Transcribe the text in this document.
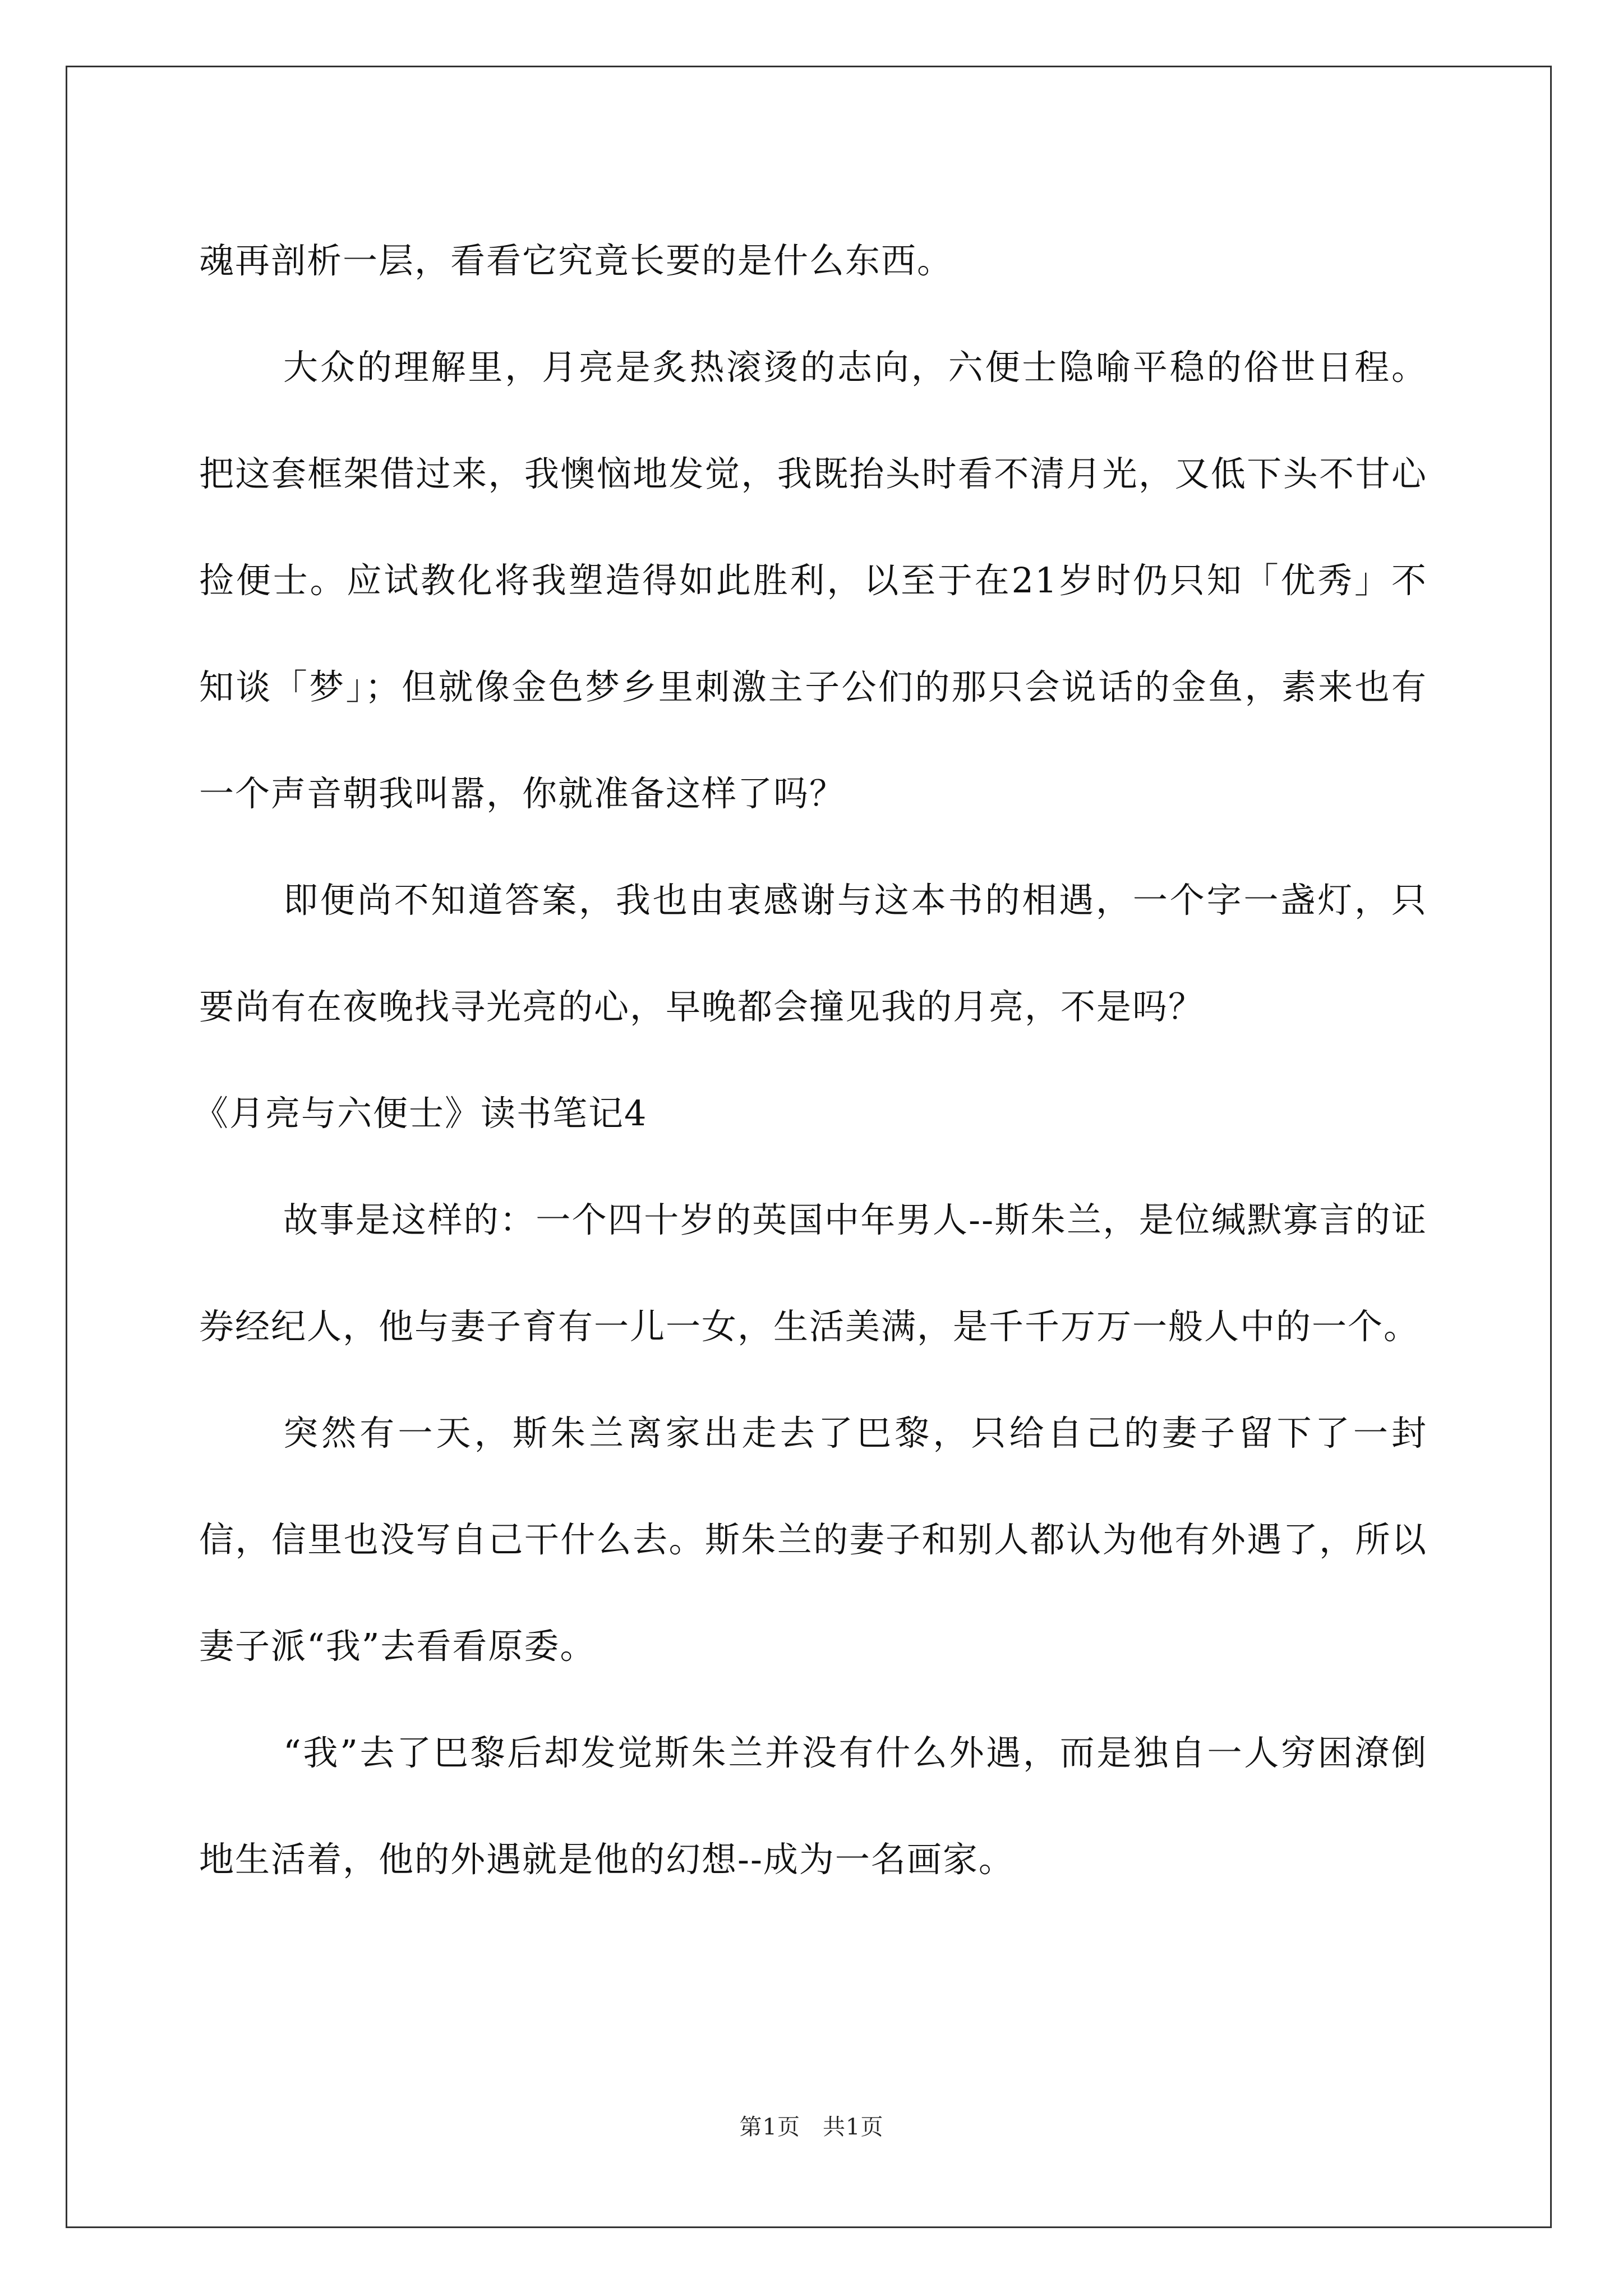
魂再剖析一层，看看它究竟长要的是什么东西。

大众的理解里，月亮是炙热滚烫的志向，六便士隐喻平稳的俗世日程。把这套框架借过来，我懊恼地发觉，我既抬头时看不清月光，又低下头不甘心捡便士。应试教化将我塑造得如此胜利，以至于在21岁时仍只知「优秀」不知谈「梦」；但就像金色梦乡里刺激主子公们的那只会说话的金鱼，素来也有一个声音朝我叫嚣，你就准备这样了吗？

即便尚不知道答案，我也由衷感谢与这本书的相遇，一个字一盏灯，只要尚有在夜晚找寻光亮的心，早晚都会撞见我的月亮，不是吗？

《月亮与六便士》读书笔记4

故事是这样的：一个四十岁的英国中年男人--斯朱兰，是位缄默寡言的证券经纪人，他与妻子育有一儿一女，生活美满，是千千万万一般人中的一个。

突然有一天，斯朱兰离家出走去了巴黎，只给自己的妻子留下了一封信，信里也没写自己干什么去。斯朱兰的妻子和别人都认为他有外遇了，所以妻子派“我”去看看原委。

“我”去了巴黎后却发觉斯朱兰并没有什么外遇，而是独自一人穷困潦倒地生活着，他的外遇就是他的幻想--成为一名画家。

第1页 共1页
